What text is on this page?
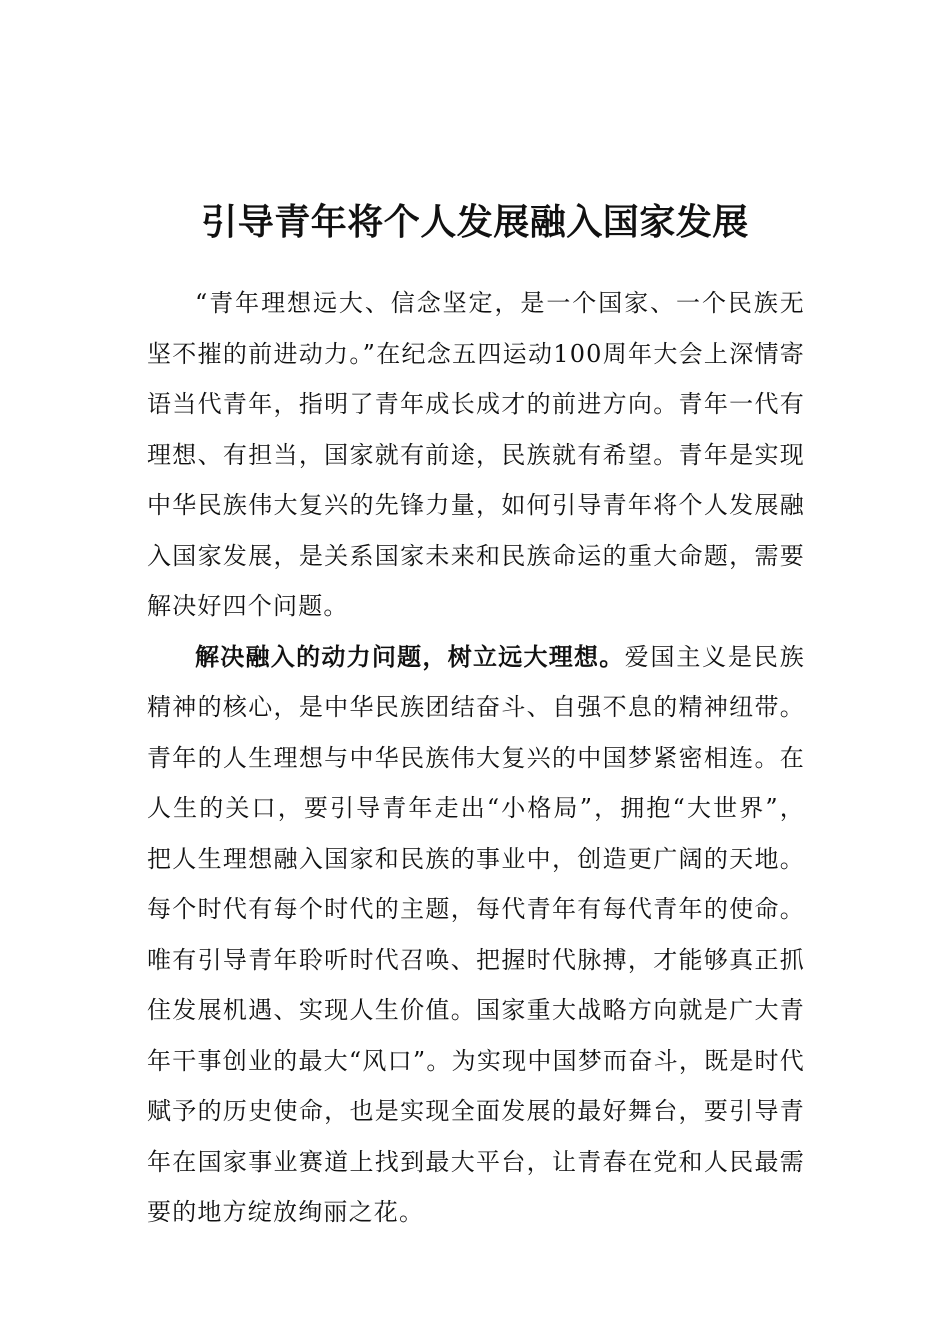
引导青年将个人发展融入国家发展

“青年理想远大、信念坚定，是一个国家、一个民族无坚不摧的前进动力。”在纪念五四运动100周年大会上深情寄语当代青年，指明了青年成长成才的前进方向。青年一代有理想、有担当，国家就有前途，民族就有希望。青年是实现中华民族伟大复兴的先锋力量，如何引导青年将个人发展融入国家发展，是关系国家未来和民族命运的重大命题，需要解决好四个问题。

解决融入的动力问题，树立远大理想。爱国主义是民族精神的核心，是中华民族团结奋斗、自强不息的精神纽带。青年的人生理想与中华民族伟大复兴的中国梦紧密相连。在人生的关口，要引导青年走出“小格局”，拥抱“大世界”，把人生理想融入国家和民族的事业中，创造更广阔的天地。每个时代有每个时代的主题，每代青年有每代青年的使命。唯有引导青年聆听时代召唤、把握时代脉搏，才能够真正抓住发展机遇、实现人生价值。国家重大战略方向就是广大青年干事创业的最大“风口”。为实现中国梦而奋斗，既是时代赋予的历史使命，也是实现全面发展的最好舞台，要引导青年在国家事业赛道上找到最大平台，让青春在党和人民最需要的地方绽放绚丽之花。
